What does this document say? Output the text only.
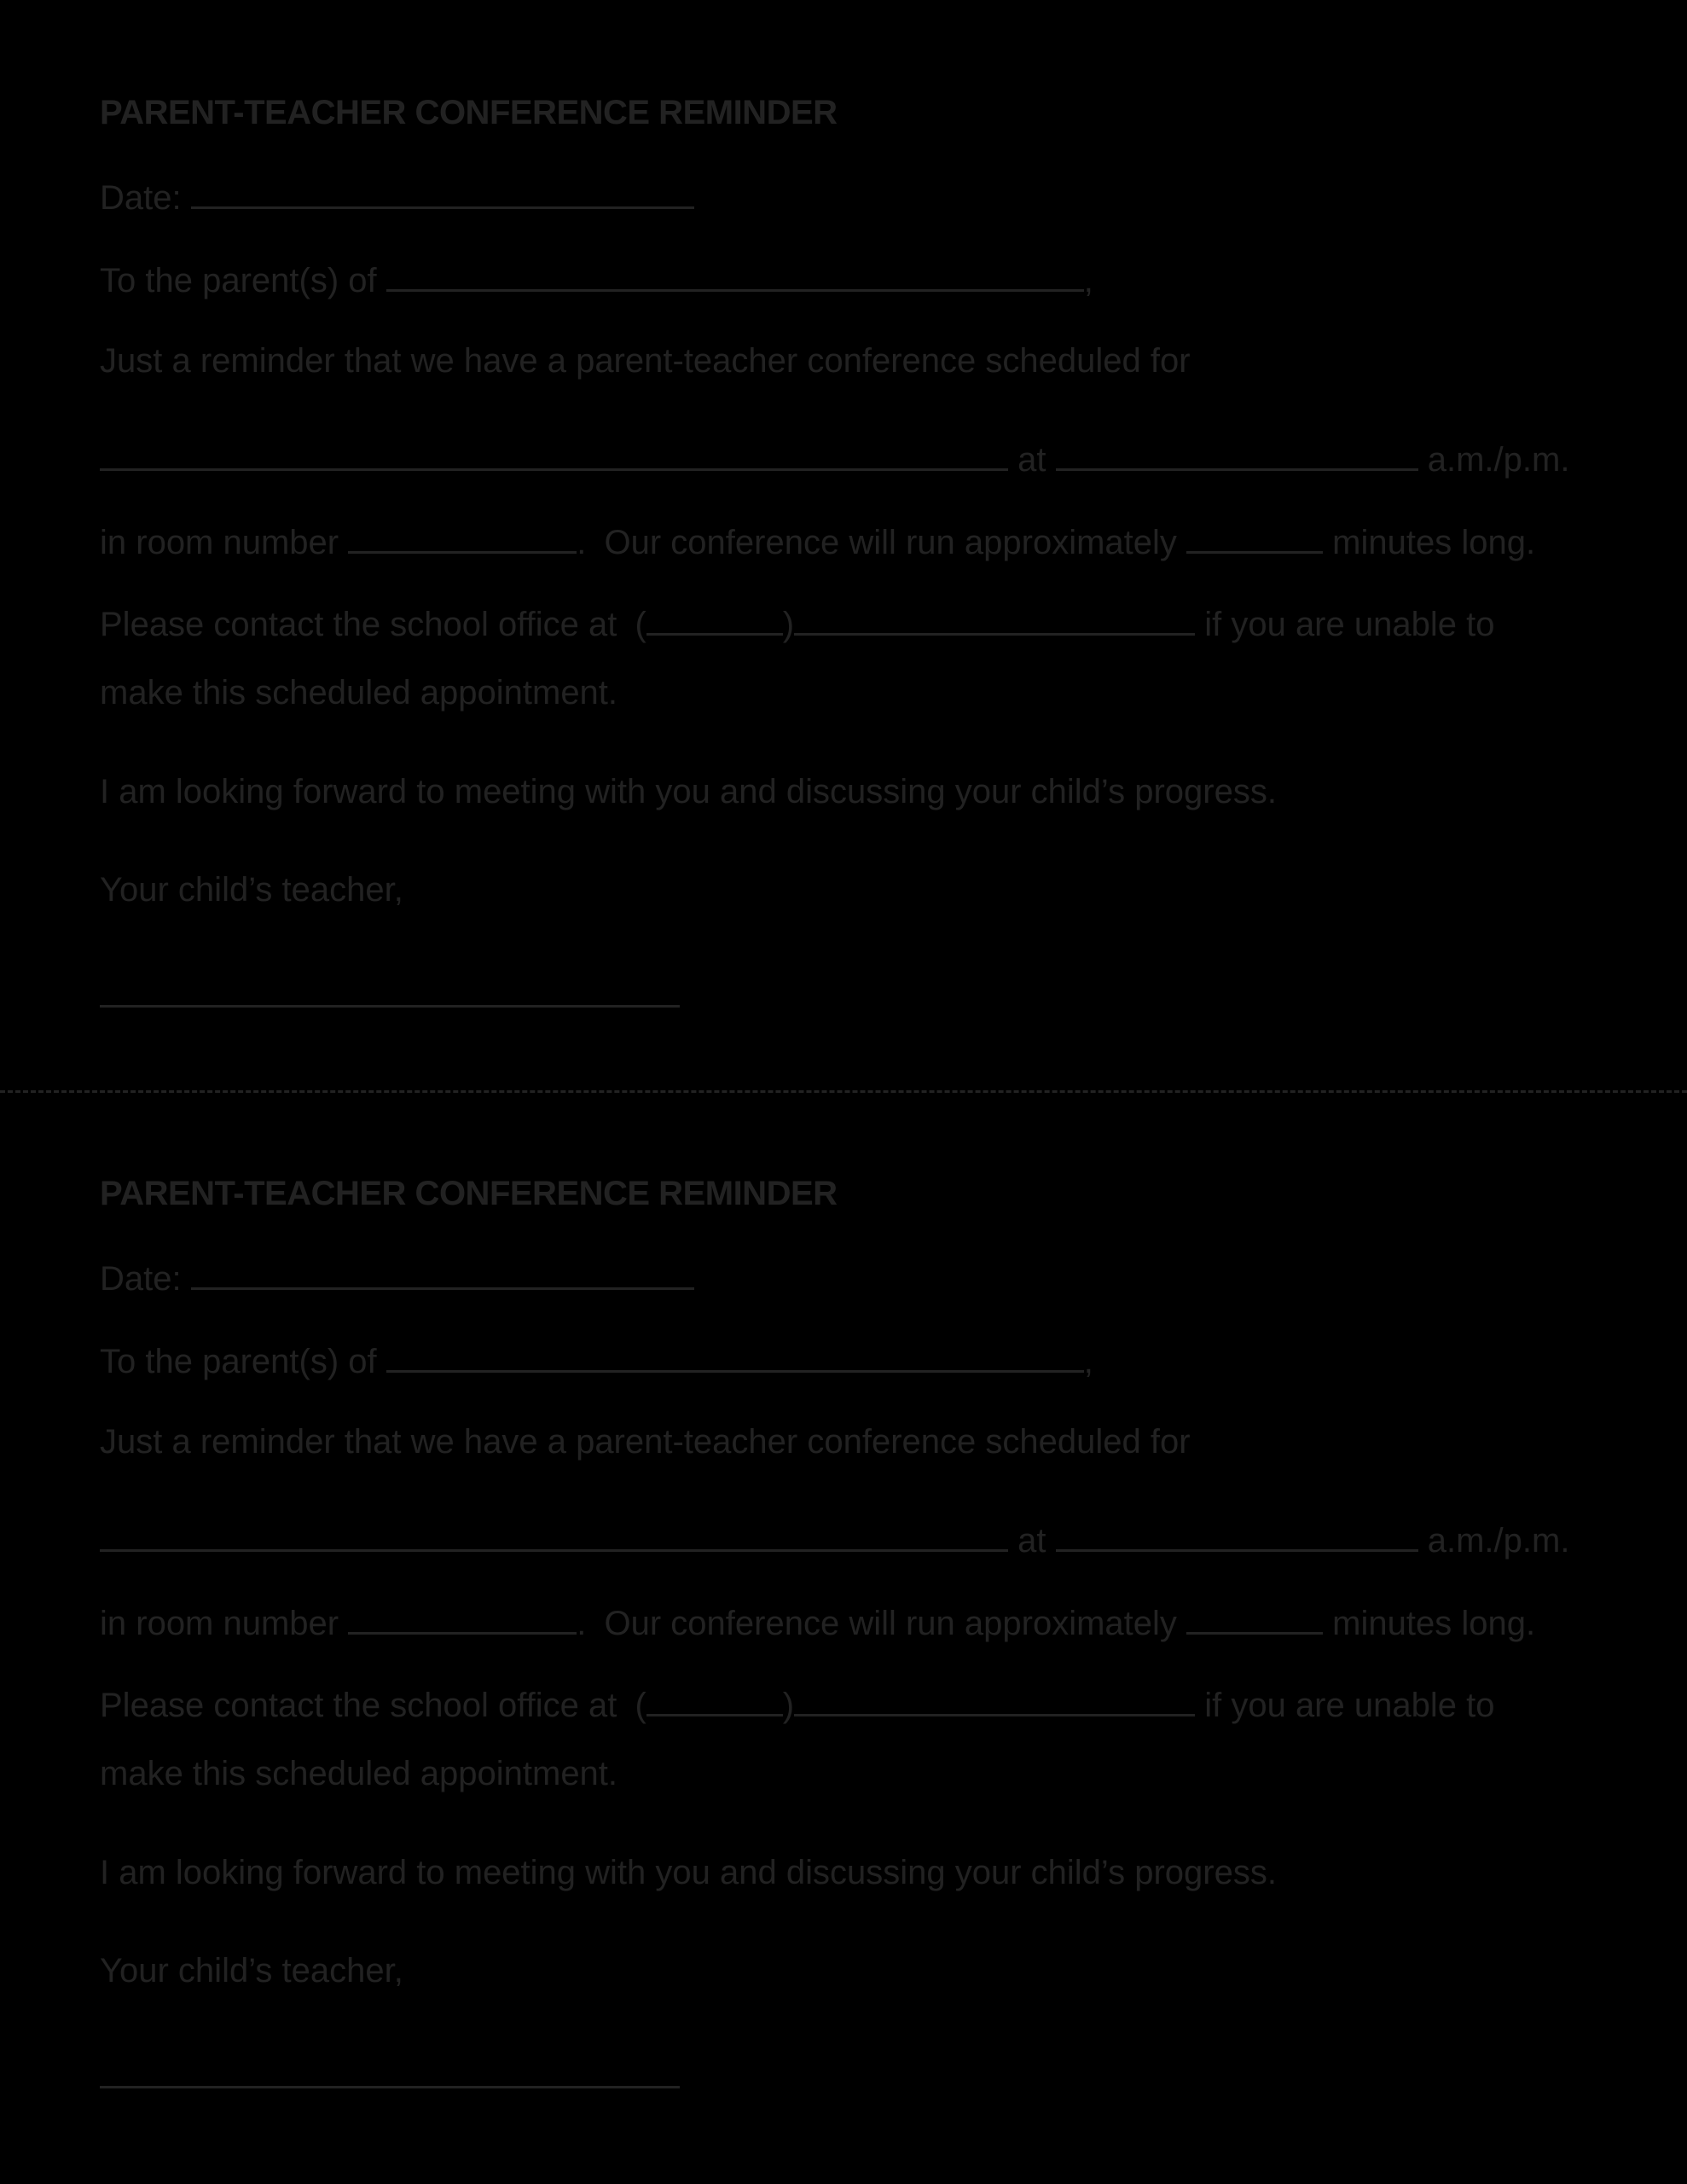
PARENT-TEACHER CONFERENCE REMINDER
Date:
To the parent(s) of	,
Just a reminder that we have a parent-teacher conference scheduled for
at	a.m./p.m.
in room number	. Our conference will run approximately	minutes long.
Please contact the school office at (	)	if you are unable to
make this scheduled appointment.
I am looking forward to meeting with you and discussing your child’s progress.
Your child’s teacher,
PARENT-TEACHER CONFERENCE REMINDER
Date:
To the parent(s) of	,
Just a reminder that we have a parent-teacher conference scheduled for
at	a.m./p.m.
in room number	. Our conference will run approximately	minutes long.
Please contact the school office at (	)	if you are unable to
make this scheduled appointment.
I am looking forward to meeting with you and discussing your child’s progress.
Your child’s teacher,
